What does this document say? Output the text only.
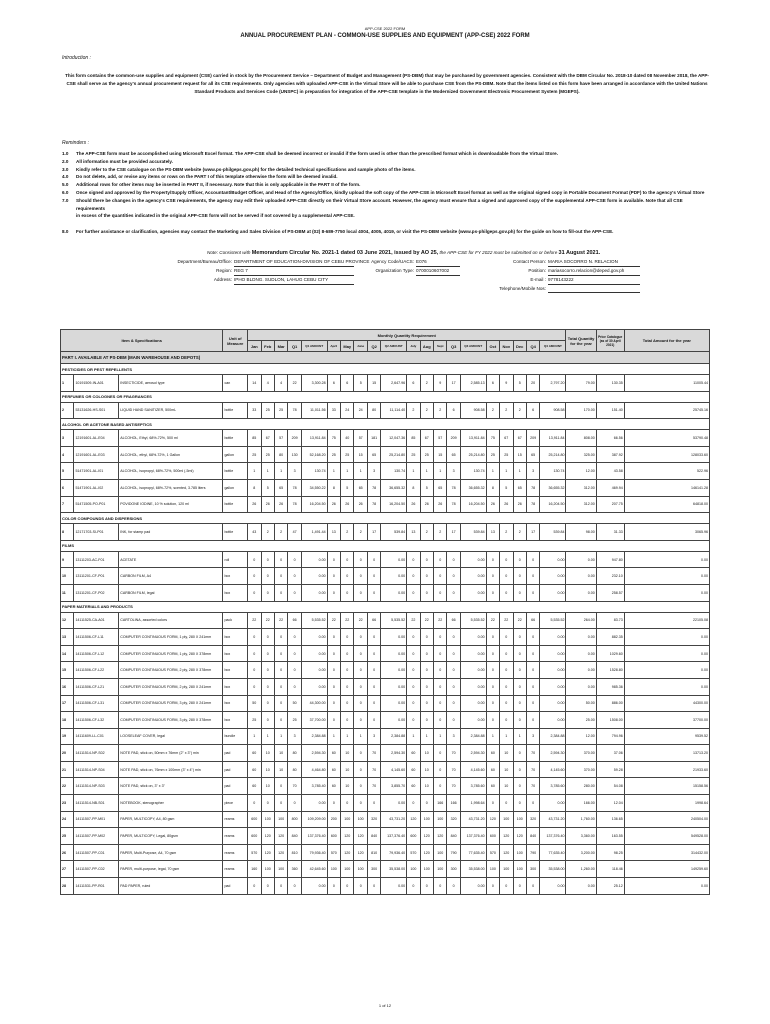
APP-CSE 2022 FORM
ANNUAL PROCUREMENT PLAN - COMMON-USE SUPPLIES AND EQUIPMENT (APP-CSE) 2022 FORM
Introduction :
This form contains the common-use supplies and equipment (CSE) carried in stock by the Procurement Service – Department of Budget and Management (PS-DBM) that may be purchased by government agencies. Consistent with the DBM Circular No. 2018-10 dated 08 November 2018, the APP-CSE shall serve as the agency's annual procurement request for all its CSE requirements. Only agencies with uploaded APP-CSE in the Virtual Store will be able to purchase CSE from the PS-DBM. Note that the items listed on this form have been arranged in accordance with the United Nations Standard Products and Services Code (UNSPC) in preparation for integration of the APP-CSE template in the Modernized Government Electronic Procurement System (MGEPS).
Reminders :
1.0	The APP-CSE form must be accomplished using Microsoft Excel format. The APP-CSE shall be deemed incorrect or invalid if the form used is other than the prescribed format which is downloadable from the Virtual Store.
2.0	All information must be provided accurately.
3.0	Kindly refer to the CSE catalogue on the PS-DBM website (www.ps-philgeps.gov.ph) for the detailed technical specifications and sample photo of the items.
4.0	Do not delete, add, or revise any items or rows on the PART I of this template otherwise the form will be deemed invalid.
5.0	Additional rows for other items may be inserted in PART II, if necessary. Note that this is only applicable in the PART II of the form.
6.0	Once signed and approved by the Property/Supply Officer, Accountant/Budget Officer, and Head of the Agency/Office, kindly upload the soft copy of the APP-CSE in Microsoft Excel format as well as the original signed copy in Portable Document Format (PDF) to the agency's Virtual Store
7.0	Should there be changes in the agency's CSE requirements, the agency may edit their uploaded APP-CSE directly on their Virtual Store account. However, the agency must ensure that a signed and approved copy of the supplemental APP-CSE form is available. Note that all CSE requirements
in excess of the quantities indicated in the original APP-CSE form will not be served if not covered by a supplemental APP-CSE.
8.0	For further assistance or clarification, agencies may contact the Marketing and Sales Division of PS-DBM at (02) 8-689-7750 local 4004, 4005, 4019, or visit the PS-DBM website (www.ps-philgeps.gov.ph) for the guide on how to fill-out the APP-CSE.
Note: Consistent with Memorandum Circular No. 2021-1 dated 03 June 2021, issued by AO 25, the APP-CSE for FY 2022 must be submitted on or before 31 August 2021.
Department/Bureau/Office: DEPARTMENT OF EDUCATION-DIVISION OF CEBU PROVINCE
Region: REG 7
Address: IPHO BLDNG. SUDLON, LAHUG CEBU CITY
Agency Code/UACS: E076
Organization Type: 0700010607002
Contact Person: MARIA SOCORRO N. RELACION
Position: mariasocorro.relacion@deped.gov.ph
E-mail : 9778143222
Telephone/Mobile Nos:
Item & Specifications			Unit of Measure	Monthly Quantity Requirement																				Total Quantity for the year	Price Catalogue (as of 30 April 2021)	Total Amount for the year
				Jan	Feb	Mar	Q1	Q1 AMOUNT	April	May	June	Q2	Q2 AMOUNT	July	Aug	Sept	Q3	Q3 AMOUNT	Oct	Nov	Dec	Q4	Q4 AMOUNT			
PART I. AVAILABLE AT PS-DBM (MAIN WAREHOUSE AND DEPOTS)																										
PESTICIDES OR PEST REPELLENTS																										
1	10191509-IN-A01	INSECTICIDE, aerosol type	can	14	4	4	22	3,300.28	6	6	5	15	2,647.96	6	2	9	17	2,585.13	6	9	5	20	2,797.20	79.00	130.35	11005.44
PERFUMES OR COLOGNES OR FRAGRANCES																										
2	53131626-HS-S01	LIQUID HAND SANITIZER, 500mL	bottle	33	25	25	78	11,011.56	33	24	24	80	11,114.40	2	2	2	6	908.58	2	2	2	6	908.58	170.00	151.40	25745.16
ALCOHOL OR ACETONE BASED ANTISEPTICS																										
3	12191601-AL-E04	ALCOHOL, Ethyl, 68%-72%, 500 ml	bottle	85	67	57	209	13,911.84	75	40	57	181	12,047.36	85	67	57	209	13,911.84	75	67	67	209	13,911.84	808.00	66.56	53790.48
4	12191601-AL-E03	ALCOHOL, ethyl, 68%-72%, 1 Gallon	gallon	25	25	80	130	52,168.20	25	25	15	65	25,214.80	25	25	15	65	25,214.80	25	25	15	65	25,214.80	325.00	387.92	128033.60
5	51471901-AL-I01	ALCOHOL, isopropyl, 68%-72%, 500ml (-5ml)	bottle	1	1	1	3	130.74	1	1	1	3	130.74	1	1	1	3	130.74	1	1	1	3	130.74	12.00	43.58	522.96
6	51471901-AL-I02	ALCOHOL, isopropyl, 68%-72%, scented, 3.785 liters	gallon	8	5	65	78	34,550.22	8	5	65	78	36,655.32	8	5	65	78	36,655.32	8	5	65	78	36,655.32	312.00	469.94	146141.28
7	51471505-PO-P01	POVIDONE IODINE, 10 % solution, 120 ml	bottle	26	26	26	78	16,204.50	26	26	26	78	16,204.50	26	26	26	78	16,204.50	26	26	26	78	16,204.50	312.00	207.75	64818.00
COLOR COMPOUNDS AND DISPERSIONS																										
8	12171703-SI-P01	INK, for stamp pad	bottle	43	2	2	47	1,491.44	13	2	2	17	539.84	13	2	2	17	539.84	13	2	2	17	539.84	98.00	31.33	3065.96
FILMS																										
9	13111203-AC-F01	ACETATE	roll	0	0	0	0	0.00	0	0	0	0	0.00	0	0	0	0	0.00	0	0	0	0	0.00	0.00	947.80	0.00
10	13111201-CF-P01	CARBON FILM, A4	box	0	0	0	0	0.00	0	0	0	0	0.00	0	0	0	0	0.00	0	0	0	0	0.00	0.00	232.10	0.00
11	13111201-CF-P02	CARBON FILM, legal	box	0	0	0	0	0.00	0	0	0	0	0.00	0	0	0	0	0.00	0	0	0	0	0.00	0.00	258.57	0.00
PAPER MATERIALS AND PRODUCTS																										
12	14111525-CA-A01	CARTOLINA, assorted colors	pack	22	22	22	66	5,535.52	22	22	22	66	5,535.52	22	22	22	66	5,535.52	22	22	22	66	5,535.52	264.00	83.73	22105.08
13	14111506-CF-L11	COMPUTER CONTINUOUS FORM, 1 ply, 280 X 241mm	box	0	0	0	0	0.00	0	0	0	0	0.00	0	0	0	0	0.00	0	0	0	0	0.00	0.00	882.35	0.00
14	14111506-CF-L12	COMPUTER CONTINUOUS FORM, 1 ply, 280 X 378mm	box	0	0	0	0	0.00	0	0	0	0	0.00	0	0	0	0	0.00	0	0	0	0	0.00	0.00	1029.60	0.00
15	14111506-CF-L22	COMPUTER CONTINUOUS FORM, 2 ply, 280 X 378mm	box	0	0	0	0	0.00	0	0	0	0	0.00	0	0	0	0	0.00	0	0	0	0	0.00	0.00	1528.80	0.00
16	14111506-CF-L21	COMPUTER CONTINUOUS FORM, 2 ply, 280 X 241mm	box	0	0	0	0	0.00	0	0	0	0	0.00	0	0	0	0	0.00	0	0	0	0	0.00	0.00	985.36	0.00
17	14111506-CF-L31	COMPUTER CONTINUOUS FORM, 3 ply, 280 X 241mm	box	50	0	0	50	44,300.00	0	0	0	0	0.00	0	0	0	0	0.00	0	0	0	0	0.00	50.00	886.00	44300.00
18	14111506-CF-L32	COMPUTER CONTINUOUS FORM, 3 ply, 280 X 378mm	box	25	0	0	25	37,700.00	0	0	0	0	0.00	0	0	0	0	0.00	0	0	0	0	0.00	25.00	1508.00	37700.00
19	14111609-LL-C01	LOOSELEAF COVER, legal	bundle	1	1	1	3	2,384.88	1	1	1	3	2,384.88	1	1	1	3	2,384.88	1	1	1	3	2,384.88	12.00	794.96	9539.52
20	14111514-NP-S02	NOTE PAD, stick on, 50mm x 76mm (2" x 3") min	pad	60	10	10	80	2,594.30	60	10	0	70	2,594.30	60	10	0	70	2,594.30	60	10	0	70	2,594.30	370.00	37.06	13713.20
21	14111514-NP-S04	NOTE PAD, stick on, 76mm x 100mm (3" x 4") min	pad	60	10	10	80	4,464.80	60	10	0	70	4,145.60	60	10	0	70	4,145.60	60	10	0	70	4,145.60	370.00	59.28	21933.60
22	14111514-NP-S03	NOTE PAD, stick on, 3" x 3"	pad	60	10	0	70	3,785.40	60	10	0	70	3,855.70	60	10	0	70	3,785.60	60	10	0	70	3,785.60	280.00	54.08	15158.56
23	14111514-NB-S01	NOTEBOOK, stenographer	piece	0	0	0	0	0.00	0	0	0	0	0.00	0	0	166	166	1,998.64	0	0	0	0	0.00	166.00	12.04	1998.64
24	14111507-PP-M01	PAPER, MULTICOPY, A4, 80 gsm	reams	600	100	100	800	109,209.00	200	100	100	320	43,731.20	120	100	100	320	43,731.20	120	100	100	320	43,731.20	1,760.00	136.65	240504.00
25	14111507-PP-M02	PAPER, MULTICOPY, Legal, 80gsm	reams	600	120	120	840	137,376.40	600	120	120	840	137,376.40	600	120	120	840	137,376.40	600	120	120	840	137,376.40	3,360.00	163.55	549528.00
26	14111507-PP-C01	PAPER, Multi-Purpose, A4, 70 gsm	reams	570	120	120	810	79,936.40	570	120	120	810	79,936.40	570	120	100	790	77,635.40	570	120	100	790	77,635.40	3,200.00	98.25	314432.00
27	14111507-PP-C02	PAPER, multi-purpose, legal, 70 gsm	reams	160	100	100	360	42,645.60	100	100	100	300	35,538.00	100	100	100	300	35,538.00	100	100	100	300	35,538.00	1,260.00	118.46	149259.60
28	14111531-PP-R01	PAD PAPER, ruled	pad	0	0	0	0	0.00	0	0	0	0	0.00	0	0	0	0	0.00	0	0	0	0	0.00	0.00	25.12	0.00
1 of 12
